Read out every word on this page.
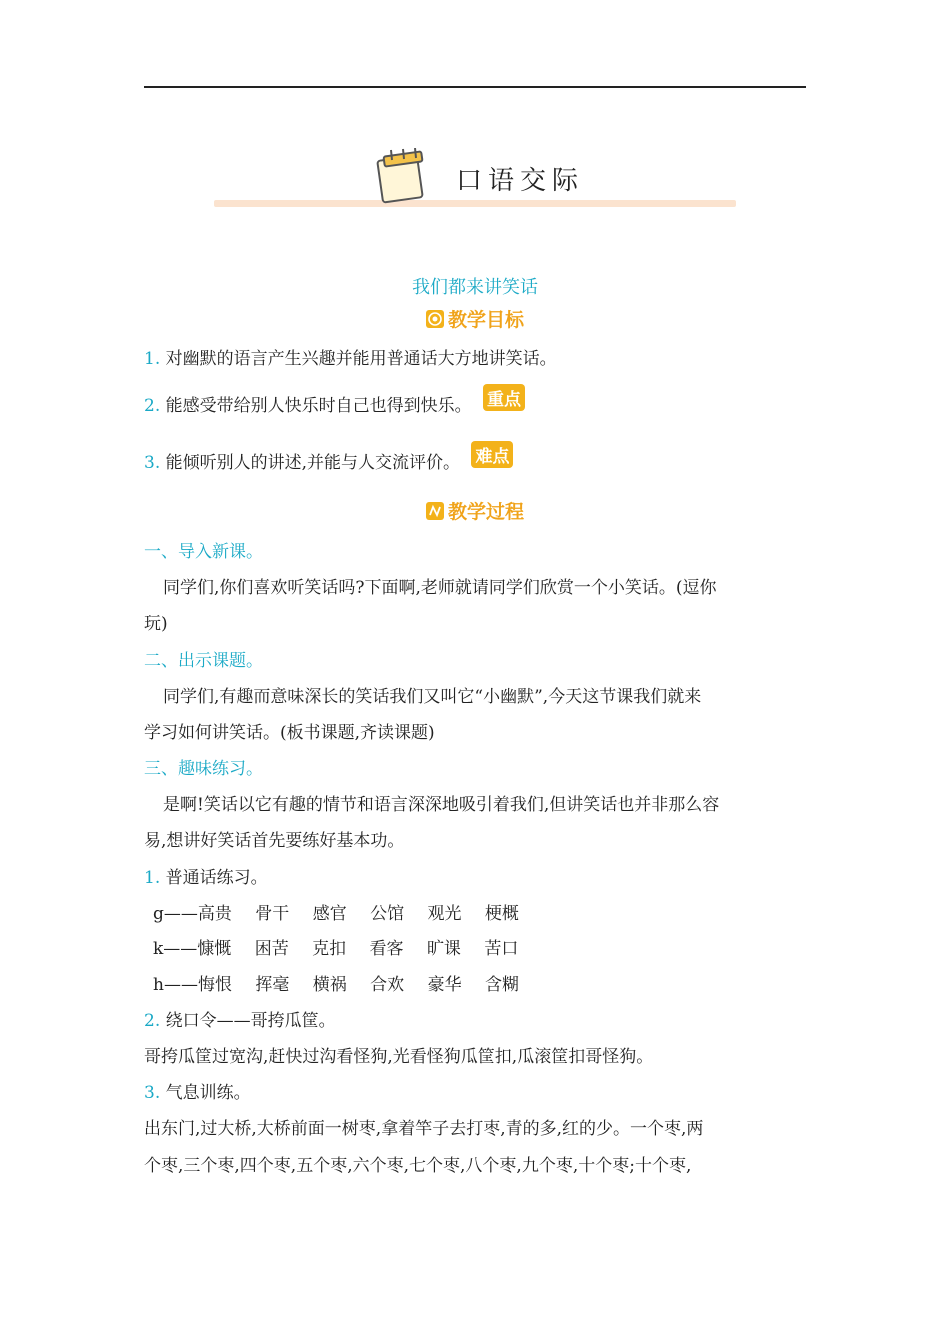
口语交际
我们都来讲笑话
教学目标
1. 对幽默的语言产生兴趣并能用普通话大方地讲笑话。
2. 能感受带给别人快乐时自己也得到快乐。 重点
3. 能倾听别人的讲述,并能与人交流评价。 难点
教学过程
一、导入新课。
同学们,你们喜欢听笑话吗?下面啊,老师就请同学们欣赏一个小笑话。(逗你
玩)
二、出示课题。
同学们,有趣而意味深长的笑话我们又叫它“小幽默”,今天这节课我们就来
学习如何讲笑话。(板书课题,齐读课题)
三、趣味练习。
是啊!笑话以它有趣的情节和语言深深地吸引着我们,但讲笑话也并非那么容
易,想讲好笑话首先要练好基本功。
1. 普通话练习。
g——高贵 骨干 感官 公馆 观光 梗概
k——慷慨 困苦 克扣 看客 旷课 苦口
h——悔恨 挥毫 横祸 合欢 豪华 含糊
2. 绕口令——哥挎瓜筐。
哥挎瓜筐过宽沟,赶快过沟看怪狗,光看怪狗瓜筐扣,瓜滚筐扣哥怪狗。
3. 气息训练。
出东门,过大桥,大桥前面一树枣,拿着竿子去打枣,青的多,红的少。一个枣,两
个枣,三个枣,四个枣,五个枣,六个枣,七个枣,八个枣,九个枣,十个枣;十个枣,
